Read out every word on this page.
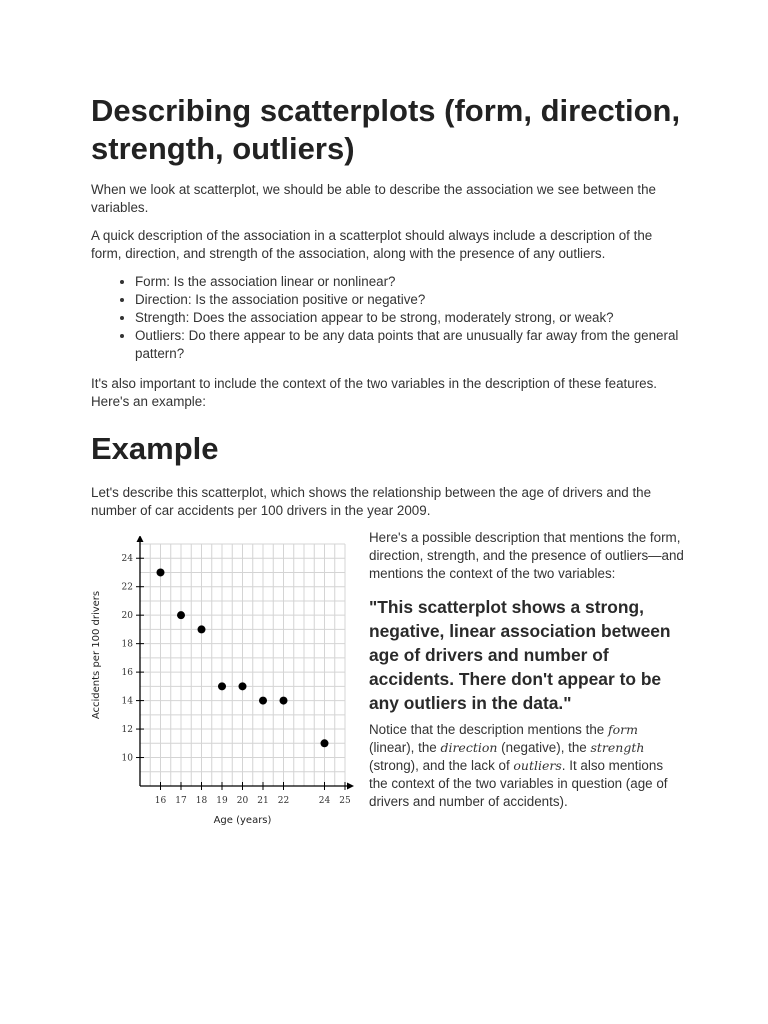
Describing scatterplots (form, direction, strength, outliers)

When we look at scatterplot, we should be able to describe the association we see between the variables.

A quick description of the association in a scatterplot should always include a description of the form, direction, and strength of the association, along with the presence of any outliers.

• Form: Is the association linear or nonlinear?
• Direction: Is the association positive or negative?
• Strength: Does the association appear to be strong, moderately strong, or weak?
• Outliers: Do there appear to be any data points that are unusually far away from the general pattern?

It's also important to include the context of the two variables in the description of these features. Here's an example:

Example

Let's describe this scatterplot, which shows the relationship between the age of drivers and the number of car accidents per 100 drivers in the year 2009.

16 17 18 19 20 21 22	24 25
10
12
14
16
18
20
22
24
Age (years)
Accidents per 100 drivers

Here's a possible description that mentions the form, direction, strength, and the presence of outliers—and mentions the context of the two variables:

"This scatterplot shows a strong, negative, linear association between age of drivers and number of accidents. There don't appear to be any outliers in the data."

Notice that the description mentions the form (linear), the direction (negative), the strength (strong), and the lack of outliers. It also mentions the context of the two variables in question (age of drivers and number of accidents).
